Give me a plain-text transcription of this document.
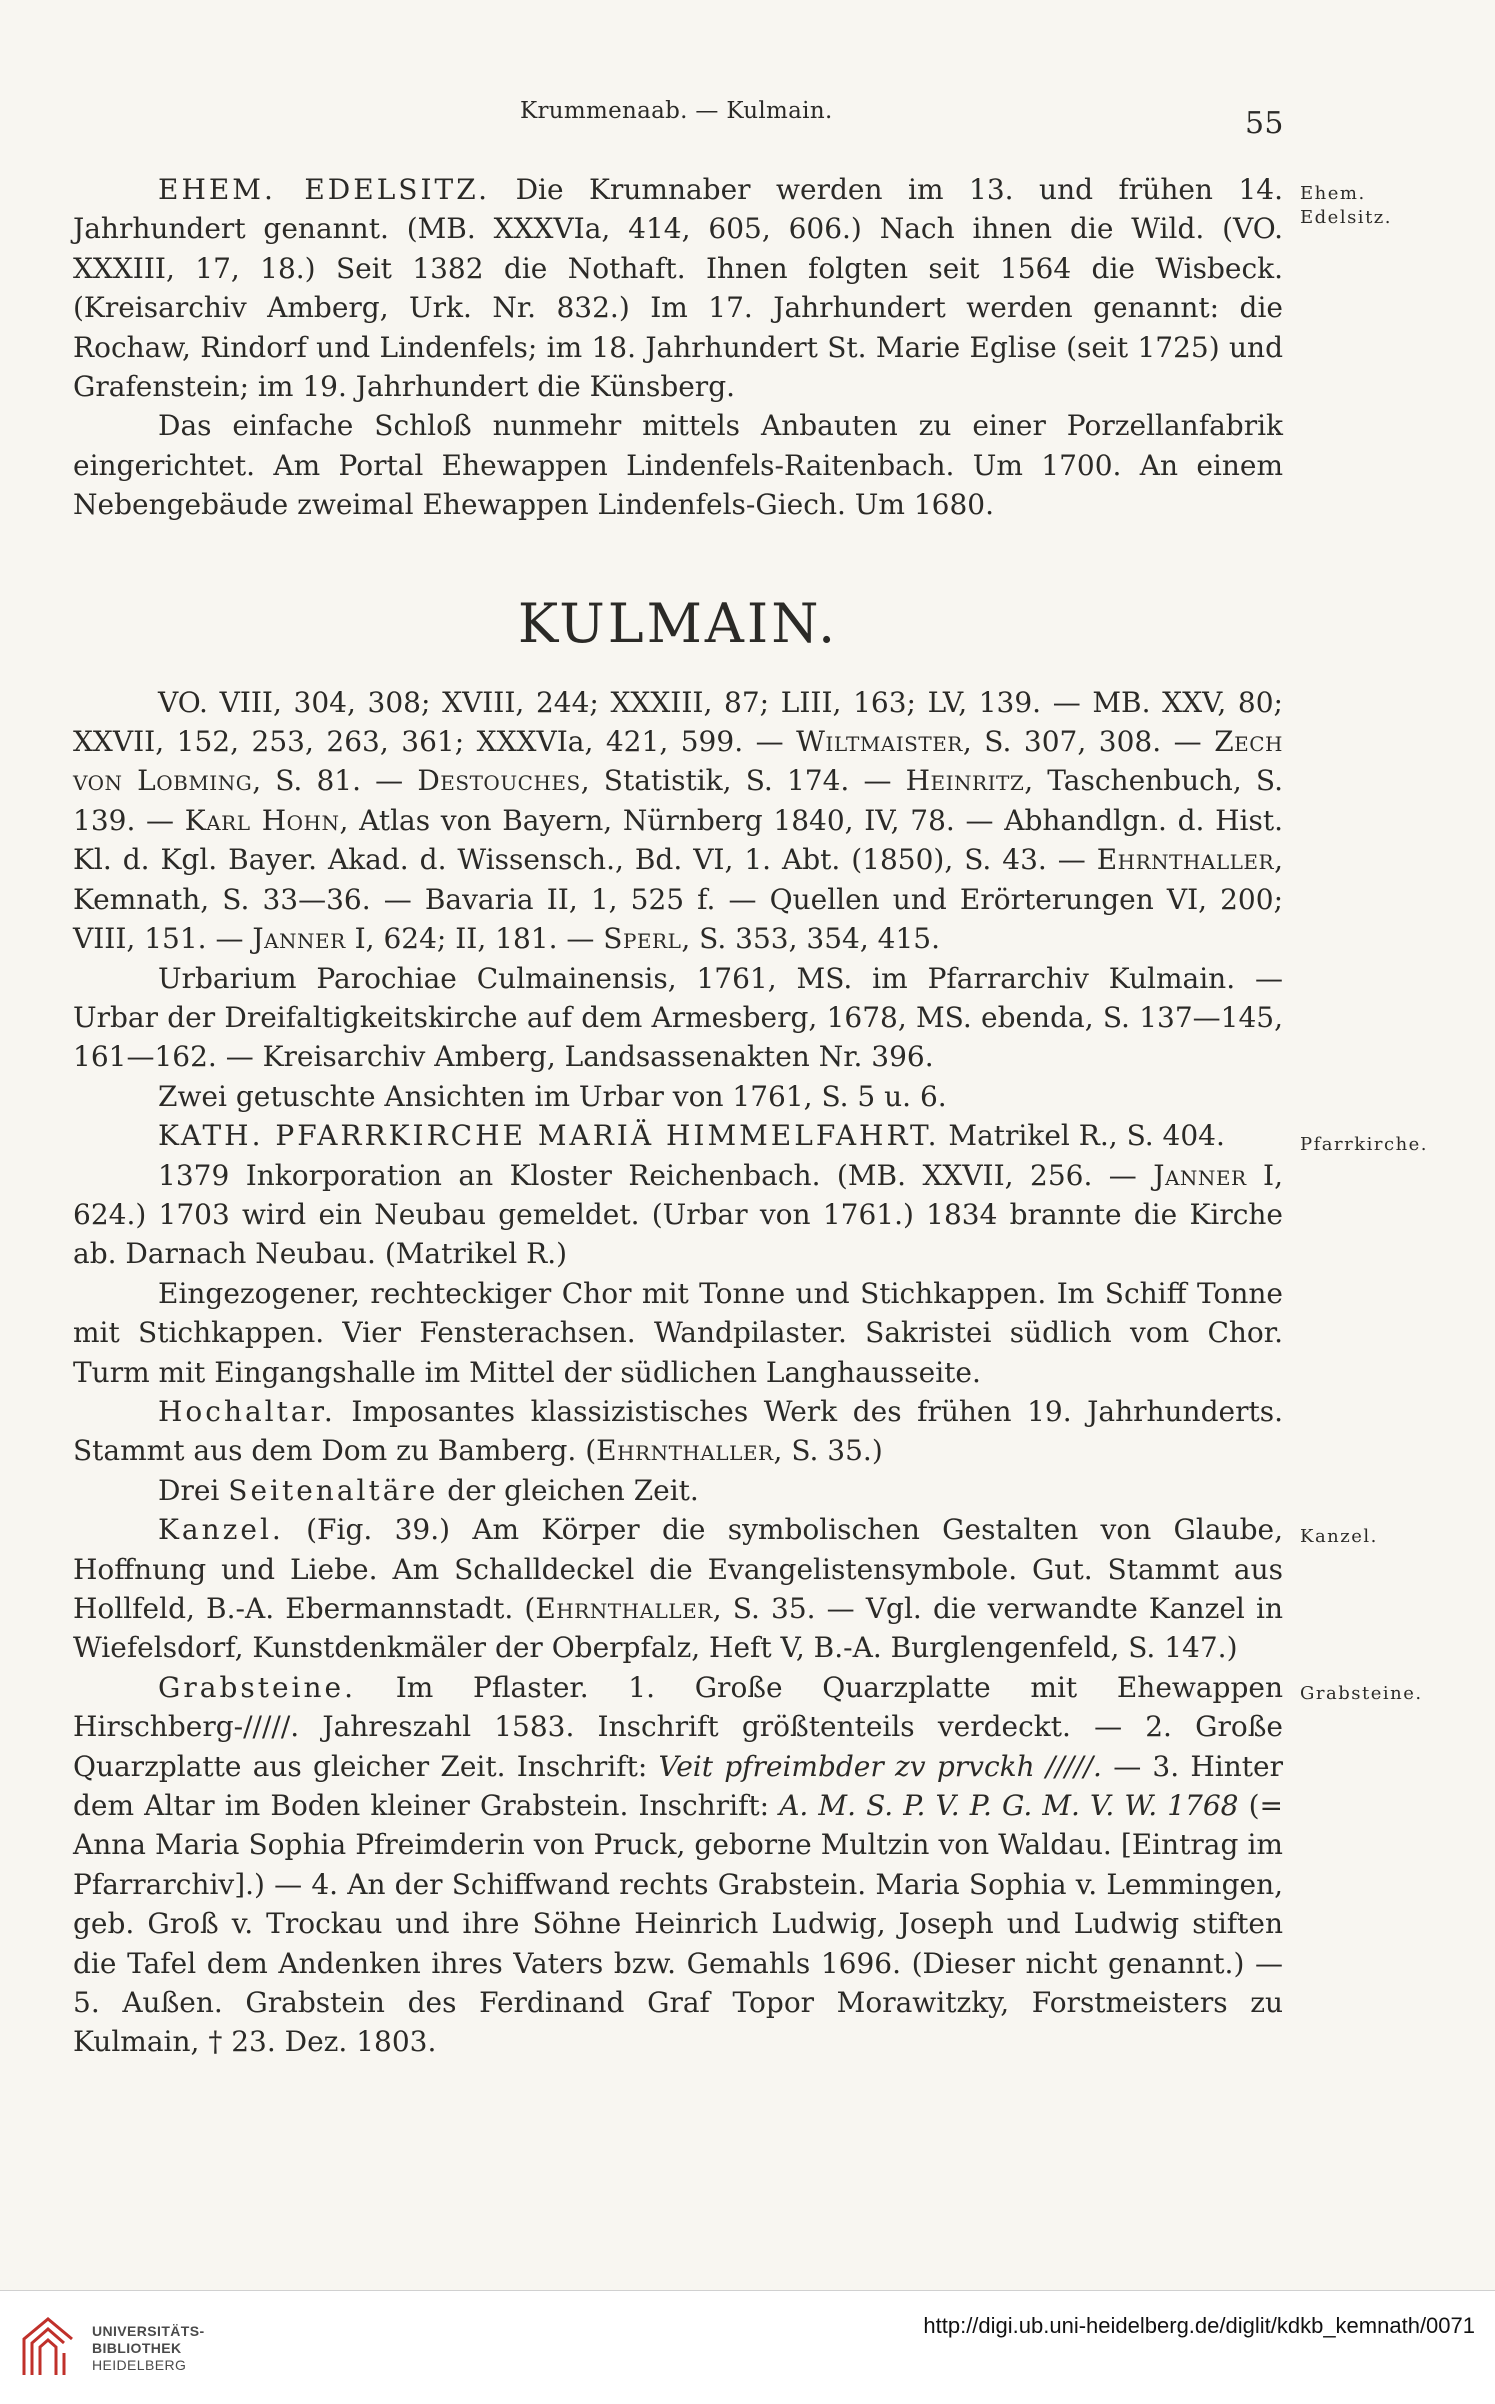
Krummenaab. — Kulmain.	55
Ehem.
Edelsitz.
Pfarrkirche.
Kanzel.
Grabsteine.

EHEM. EDELSITZ. Die Krumnaber werden im 13. und frühen 14. Jahrhundert genannt. (MB. XXXVIa, 414, 605, 606.) Nach ihnen die Wild. (VO. XXXIII, 17, 18.) Seit 1382 die Nothaft. Ihnen folgten seit 1564 die Wisbeck. (Kreisarchiv Amberg, Urk. Nr. 832.) Im 17. Jahrhundert werden genannt: die Rochaw, Rindorf und Lindenfels; im 18. Jahrhundert St. Marie Eglise (seit 1725) und Grafenstein; im 19. Jahrhundert die Künsberg.

Das einfache Schloß nunmehr mittels Anbauten zu einer Porzellanfabrik eingerichtet. Am Portal Ehewappen Lindenfels-Raitenbach. Um 1700. An einem Nebengebäude zweimal Ehewappen Lindenfels-Giech. Um 1680.

KULMAIN.

VO. VIII, 304, 308; XVIII, 244; XXXIII, 87; LIII, 163; LV, 139. — MB. XXV, 80; XXVII, 152, 253, 263, 361; XXXVIa, 421, 599. — Wiltmaister, S. 307, 308. — Zech von Lobming, S. 81. — Destouches, Statistik, S. 174. — Heinritz, Taschenbuch, S. 139. — Karl Hohn, Atlas von Bayern, Nürnberg 1840, IV, 78. — Abhandlgn. d. Hist. Kl. d. Kgl. Bayer. Akad. d. Wissensch., Bd. VI, 1. Abt. (1850), S. 43. — Ehrnthaller, Kemnath, S. 33—36. — Bavaria II, 1, 525 f. — Quellen und Erörterungen VI, 200; VIII, 151. — Janner I, 624; II, 181. — Sperl, S. 353, 354, 415.

Urbarium Parochiae Culmainensis, 1761, MS. im Pfarrarchiv Kulmain. — Urbar der Dreifaltigkeitskirche auf dem Armesberg, 1678, MS. ebenda, S. 137—145, 161—162. — Kreisarchiv Amberg, Landsassenakten Nr. 396.

Zwei getuschte Ansichten im Urbar von 1761, S. 5 u. 6.

KATH. PFARRKIRCHE MARIÄ HIMMELFAHRT. Matrikel R., S. 404.

1379 Inkorporation an Kloster Reichenbach. (MB. XXVII, 256. — Janner I, 624.) 1703 wird ein Neubau gemeldet. (Urbar von 1761.) 1834 brannte die Kirche ab. Darnach Neubau. (Matrikel R.)

Eingezogener, rechteckiger Chor mit Tonne und Stichkappen. Im Schiff Tonne mit Stichkappen. Vier Fensterachsen. Wandpilaster. Sakristei südlich vom Chor. Turm mit Eingangshalle im Mittel der südlichen Langhausseite.

Hochaltar. Imposantes klassizistisches Werk des frühen 19. Jahrhunderts. Stammt aus dem Dom zu Bamberg. (Ehrnthaller, S. 35.)

Drei Seitenaltäre der gleichen Zeit.

Kanzel. (Fig. 39.) Am Körper die symbolischen Gestalten von Glaube, Hoffnung und Liebe. Am Schalldeckel die Evangelistensymbole. Gut. Stammt aus Hollfeld, B.-A. Ebermannstadt. (Ehrnthaller, S. 35. — Vgl. die verwandte Kanzel in Wiefelsdorf, Kunstdenkmäler der Oberpfalz, Heft V, B.-A. Burglengenfeld, S. 147.)

Grabsteine. Im Pflaster. 1. Große Quarzplatte mit Ehewappen Hirschberg-/////. Jahreszahl 1583. Inschrift größtenteils verdeckt. — 2. Große Quarzplatte aus gleicher Zeit. Inschrift: Veit pfreimbder zv prvckh /////. — 3. Hinter dem Altar im Boden kleiner Grabstein. Inschrift: A. M. S. P. V. P. G. M. V. W. 1768 (= Anna Maria Sophia Pfreimderin von Pruck, geborne Multzin von Waldau. [Eintrag im Pfarrarchiv].) — 4. An der Schiffwand rechts Grabstein. Maria Sophia v. Lemmingen, geb. Groß v. Trockau und ihre Söhne Heinrich Ludwig, Joseph und Ludwig stiften die Tafel dem Andenken ihres Vaters bzw. Gemahls 1696. (Dieser nicht genannt.) — 5. Außen. Grabstein des Ferdinand Graf Topor Morawitzky, Forstmeisters zu Kulmain, † 23. Dez. 1803.

UNIVERSITÄTS-
BIBLIOTHEK
HEIDELBERG
http://digi.ub.uni-heidelberg.de/diglit/kdkb_kemnath/0071
